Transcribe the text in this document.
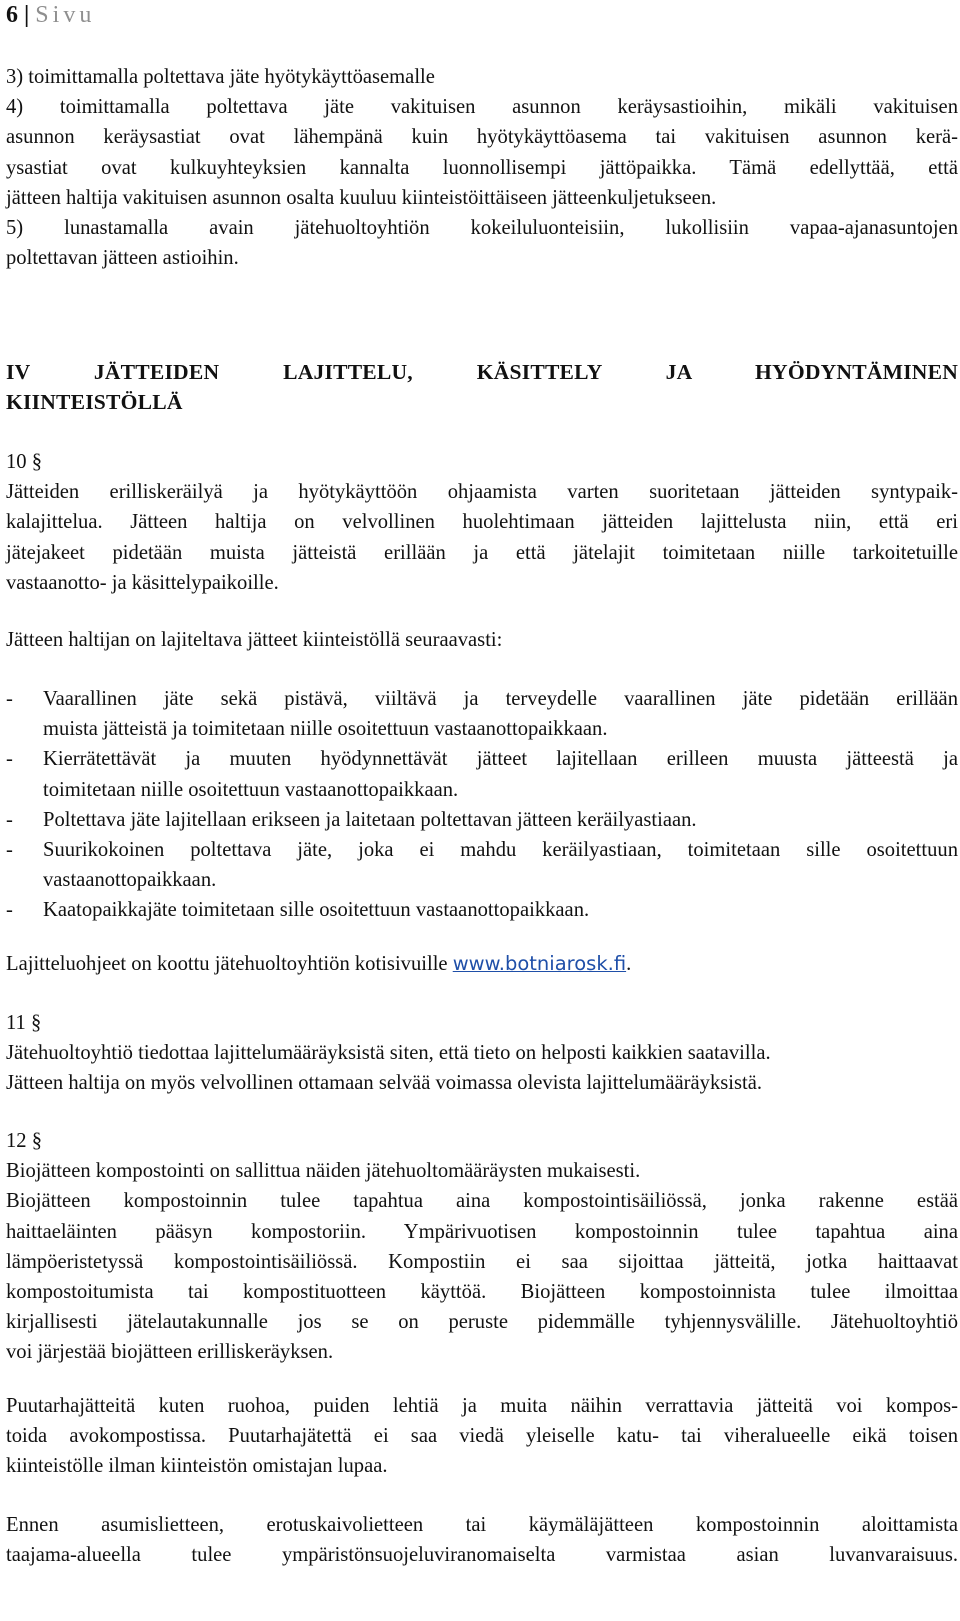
6 | Sivu
3) toimittamalla poltettava jäte hyötykäyttöasemalle
4) toimittamalla poltettava jäte vakituisen asunnon keräysastioihin, mikäli vakituisen
asunnon keräysastiat ovat lähempänä kuin hyötykäyttöasema tai vakituisen asunnon kerä-
ysastiat ovat kulkuyhteyksien kannalta luonnollisempi jättöpaikka. Tämä edellyttää, että
jätteen haltija vakituisen asunnon osalta kuuluu kiinteistöittäiseen jätteenkuljetukseen.
5) lunastamalla avain jätehuoltoyhtiön kokeiluluonteisiin, lukollisiin vapaa-ajanasuntojen
poltettavan jätteen astioihin.
IV JÄTTEIDEN LAJITTELU, KÄSITTELY JA HYÖDYNTÄMINEN
KIINTEISTÖLLÄ
10 §
Jätteiden erilliskeräilyä ja hyötykäyttöön ohjaamista varten suoritetaan jätteiden syntypaik-
kalajittelua. Jätteen haltija on velvollinen huolehtimaan jätteiden lajittelusta niin, että eri
jätejakeet pidetään muista jätteistä erillään ja että jätelajit toimitetaan niille tarkoitetuille
vastaanotto- ja käsittelypaikoille.
Jätteen haltijan on lajiteltava jätteet kiinteistöllä seuraavasti:
- Vaarallinen jäte sekä pistävä, viiltävä ja terveydelle vaarallinen jäte pidetään erillään
muista jätteistä ja toimitetaan niille osoitettuun vastaanottopaikkaan.
- Kierrätettävät ja muuten hyödynnettävät jätteet lajitellaan erilleen muusta jätteestä ja
toimitetaan niille osoitettuun vastaanottopaikkaan.
- Poltettava jäte lajitellaan erikseen ja laitetaan poltettavan jätteen keräilyastiaan.
- Suurikokoinen poltettava jäte, joka ei mahdu keräilyastiaan, toimitetaan sille osoitettuun
vastaanottopaikkaan.
- Kaatopaikkajäte toimitetaan sille osoitettuun vastaanottopaikkaan.
Lajitteluohjeet on koottu jätehuoltoyhtiön kotisivuille www.botniarosk.fi.
11 §
Jätehuoltoyhtiö tiedottaa lajittelumääräyksistä siten, että tieto on helposti kaikkien saatavilla.
Jätteen haltija on myös velvollinen ottamaan selvää voimassa olevista lajittelumääräyksistä.
12 §
Biojätteen kompostointi on sallittua näiden jätehuoltomääräysten mukaisesti.
Biojätteen kompostoinnin tulee tapahtua aina kompostointisäiliössä, jonka rakenne estää
haittaeläinten pääsyn kompostoriin. Ympärivuotisen kompostoinnin tulee tapahtua aina
lämpöeristetyssä kompostointisäiliössä. Kompostiin ei saa sijoittaa jätteitä, jotka haittaavat
kompostoitumista tai kompostituotteen käyttöä. Biojätteen kompostoinnista tulee ilmoittaa
kirjallisesti jätelautakunnalle jos se on peruste pidemmälle tyhjennysvälille. Jätehuoltoyhtiö
voi järjestää biojätteen erilliskeräyksen.
Puutarhajätteitä kuten ruohoa, puiden lehtiä ja muita näihin verrattavia jätteitä voi kompos-
toida avokompostissa. Puutarhajätettä ei saa viedä yleiselle katu- tai viheralueelle eikä toisen
kiinteistölle ilman kiinteistön omistajan lupaa.
Ennen asumislietteen, erotuskaivolietteen tai käymäläjätteen kompostoinnin aloittamista
taajama-alueella tulee ympäristönsuojeluviranomaiselta varmistaa asian luvanvaraisuus.
